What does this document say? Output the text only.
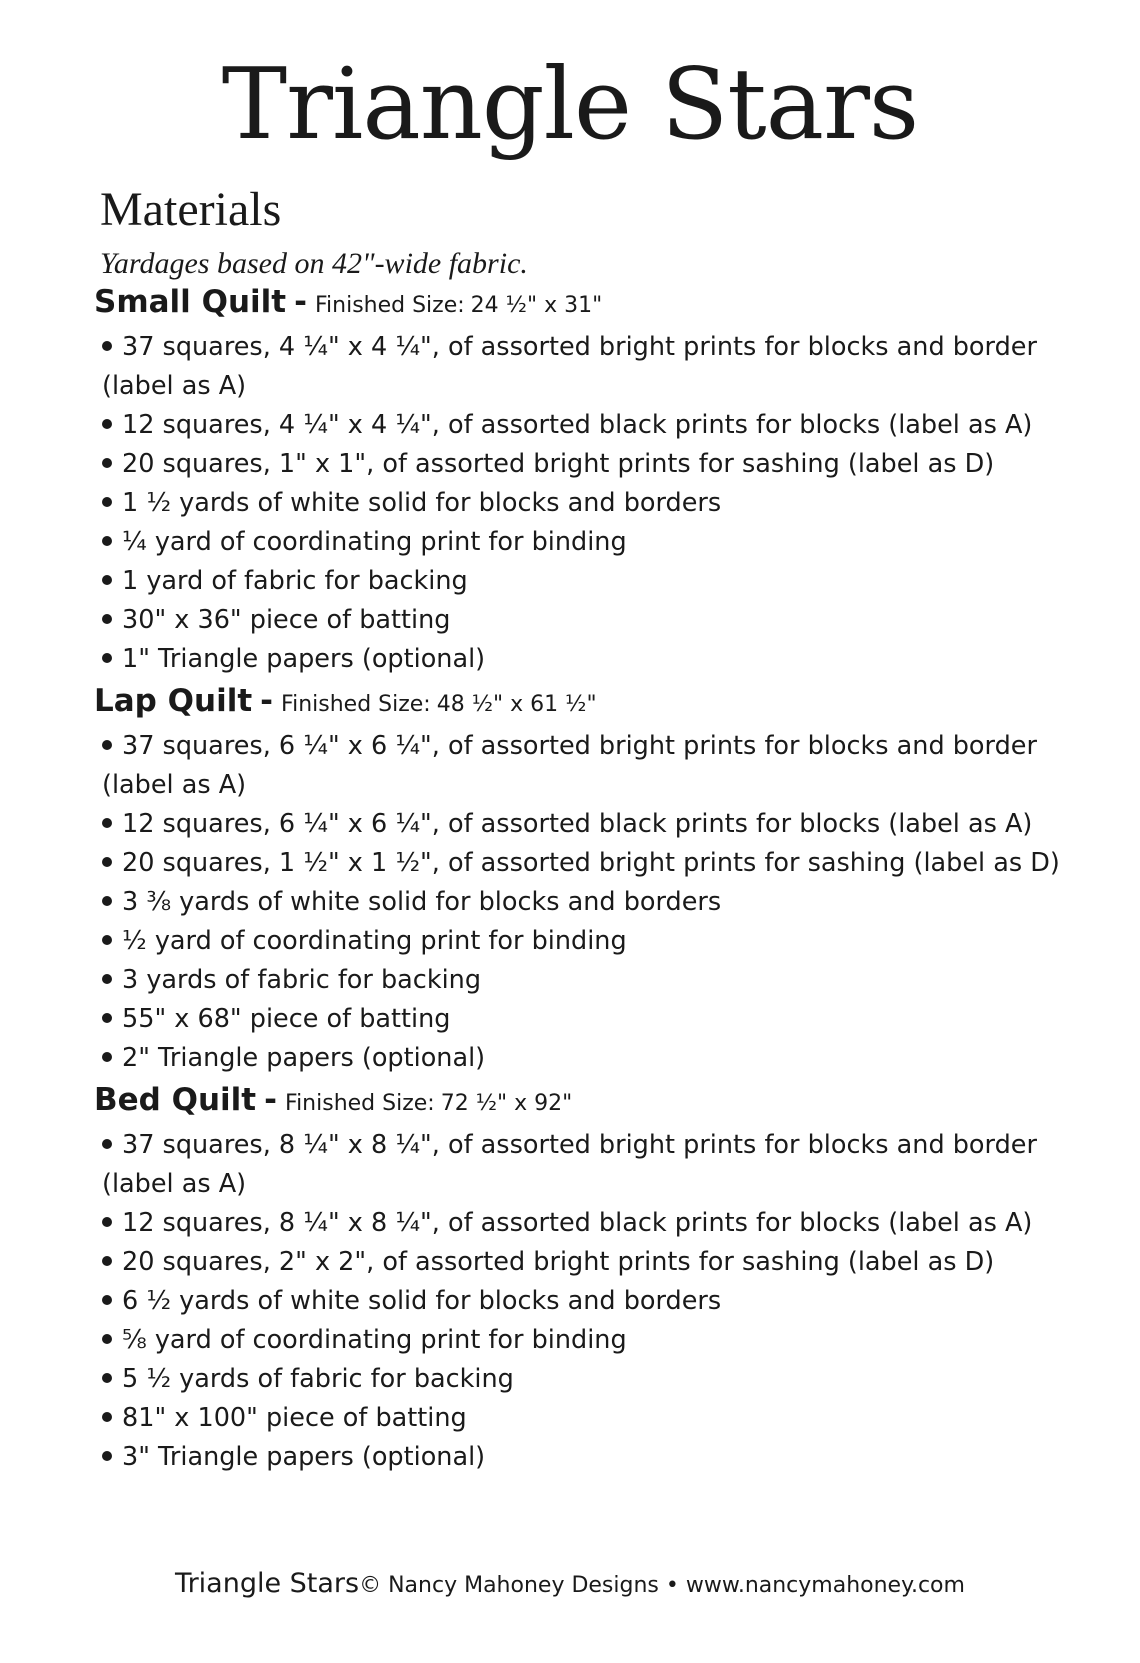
Triangle Stars
Materials
Yardages based on 42"-wide fabric.
Small Quilt - Finished Size: 24 ½" x 31"
37 squares, 4 ¼" x 4 ¼", of assorted bright prints for blocks and border (label as A)
12 squares, 4 ¼" x 4 ¼", of assorted black prints for blocks (label as A)
20 squares, 1" x 1", of assorted bright prints for sashing (label as D)
1 ½ yards of white solid for blocks and borders
¼ yard of coordinating print for binding
1 yard of fabric for backing
30" x 36" piece of batting
1" Triangle papers (optional)
Lap Quilt - Finished Size: 48 ½" x 61 ½"
37 squares, 6 ¼" x 6 ¼", of assorted bright prints for blocks and border (label as A)
12 squares, 6 ¼" x 6 ¼", of assorted black prints for blocks (label as A)
20 squares, 1 ½" x 1 ½", of assorted bright prints for sashing (label as D)
3 ⅜ yards of white solid for blocks and borders
½ yard of coordinating print for binding
3 yards of fabric for backing
55" x 68" piece of batting
2" Triangle papers (optional)
Bed Quilt - Finished Size: 72 ½" x 92"
37 squares, 8 ¼" x 8 ¼", of assorted bright prints for blocks and border (label as A)
12 squares, 8 ¼" x 8 ¼", of assorted black prints for blocks (label as A)
20 squares, 2" x 2", of assorted bright prints for sashing (label as D)
6 ½ yards of white solid for blocks and borders
⅝ yard of coordinating print for binding
5 ½ yards of fabric for backing
81" x 100" piece of batting
3" Triangle papers (optional)
Triangle Stars© Nancy Mahoney Designs • www.nancymahoney.com
